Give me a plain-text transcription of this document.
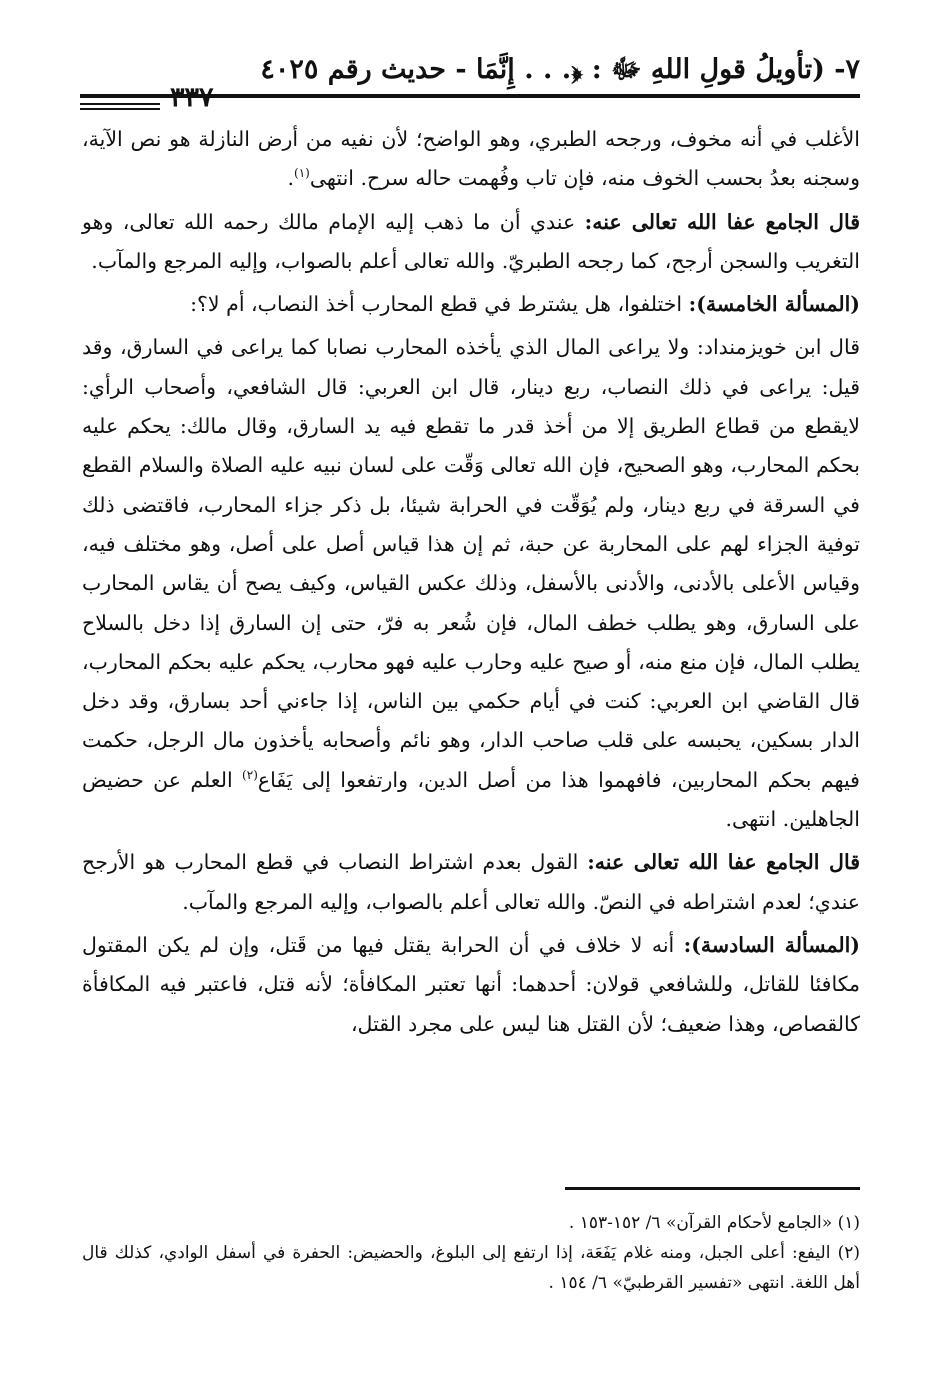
٧- (تأويلُ قولِ اللهِ ﷻ : ﴿. . . إِنَّمَا - حديث رقم ٤٠٢٥

الأغلب في أنه مخوف، ورجحه الطبري، وهو الواضح؛ لأن نفيه من أرض النازلة هو نص الآية، وسجنه بعدُ بحسب الخوف منه، فإن تاب وفُهمت حاله سرح. انتهى$^{(١)}$.

قال الجامع عفا الله تعالى عنه: عندي أن ما ذهب إليه الإمام مالك رحمه الله تعالى، وهو التغريب والسجن أرجح، كما رجحه الطبريّ. والله تعالى أعلم بالصواب، وإليه المرجع والمآب.

(المسألة الخامسة): اختلفوا، هل يشترط في قطع المحارب أخذ النصاب، أم لا؟:

قال ابن خويزمنداد: ولا يراعى المال الذي يأخذه المحارب نصابا كما يراعى في السارق، وقد قيل: يراعى في ذلك النصاب، ربع دينار، قال ابن العربي: قال الشافعي، وأصحاب الرأي: لايقطع من قطاع الطريق إلا من أخذ قدر ما تقطع فيه يد السارق، وقال مالك: يحكم عليه بحكم المحارب، وهو الصحيح، فإن الله تعالى وَقّت على لسان نبيه عليه الصلاة والسلام القطع في السرقة في ربع دينار، ولم يُوَقّت في الحرابة شيئا، بل ذكر جزاء المحارب، فاقتضى ذلك توفية الجزاء لهم على المحاربة عن حبة، ثم إن هذا قياس أصل على أصل، وهو مختلف فيه، وقياس الأعلى بالأدنى، والأدنى بالأسفل، وذلك عكس القياس، وكيف يصح أن يقاس المحارب على السارق، وهو يطلب خطف المال، فإن شُعر به فرّ، حتى إن السارق إذا دخل بالسلاح يطلب المال، فإن منع منه، أو صيح عليه وحارب عليه فهو محارب، يحكم عليه بحكم المحارب، قال القاضي ابن العربي: كنت في أيام حكمي بين الناس، إذا جاءني أحد بسارق، وقد دخل الدار بسكين، يحبسه على قلب صاحب الدار، وهو نائم وأصحابه يأخذون مال الرجل، حكمت فيهم بحكم المحاربين، فافهموا هذا من أصل الدين، وارتفعوا إلى يَفَاع$^{(٢)}$ العلم عن حضيض الجاهلين. انتهى.

قال الجامع عفا الله تعالى عنه: القول بعدم اشتراط النصاب في قطع المحارب هو الأرجح عندي؛ لعدم اشتراطه في النصّ. والله تعالى أعلم بالصواب، وإليه المرجع والمآب.

(المسألة السادسة): أنه لا خلاف في أن الحرابة يقتل فيها من قَتل، وإن لم يكن المقتول مكافئا للقاتل، وللشافعي قولان: أحدهما: أنها تعتبر المكافأة؛ لأنه قتل، فاعتبر فيه المكافأة كالقصاص، وهذا ضعيف؛ لأن القتل هنا ليس على مجرد القتل،

(١) «الجامع لأحكام القرآن» ٦/ ١٥٢-١٥٣ .

(٢) اليفع: أعلى الجبل، ومنه غلام يَفَعَة، إذا ارتفع إلى البلوغ، والحضيض: الحفرة في أسفل الوادي، كذلك قال أهل اللغة. انتهى «تفسير القرطبيّ» ٦/ ١٥٤ .
